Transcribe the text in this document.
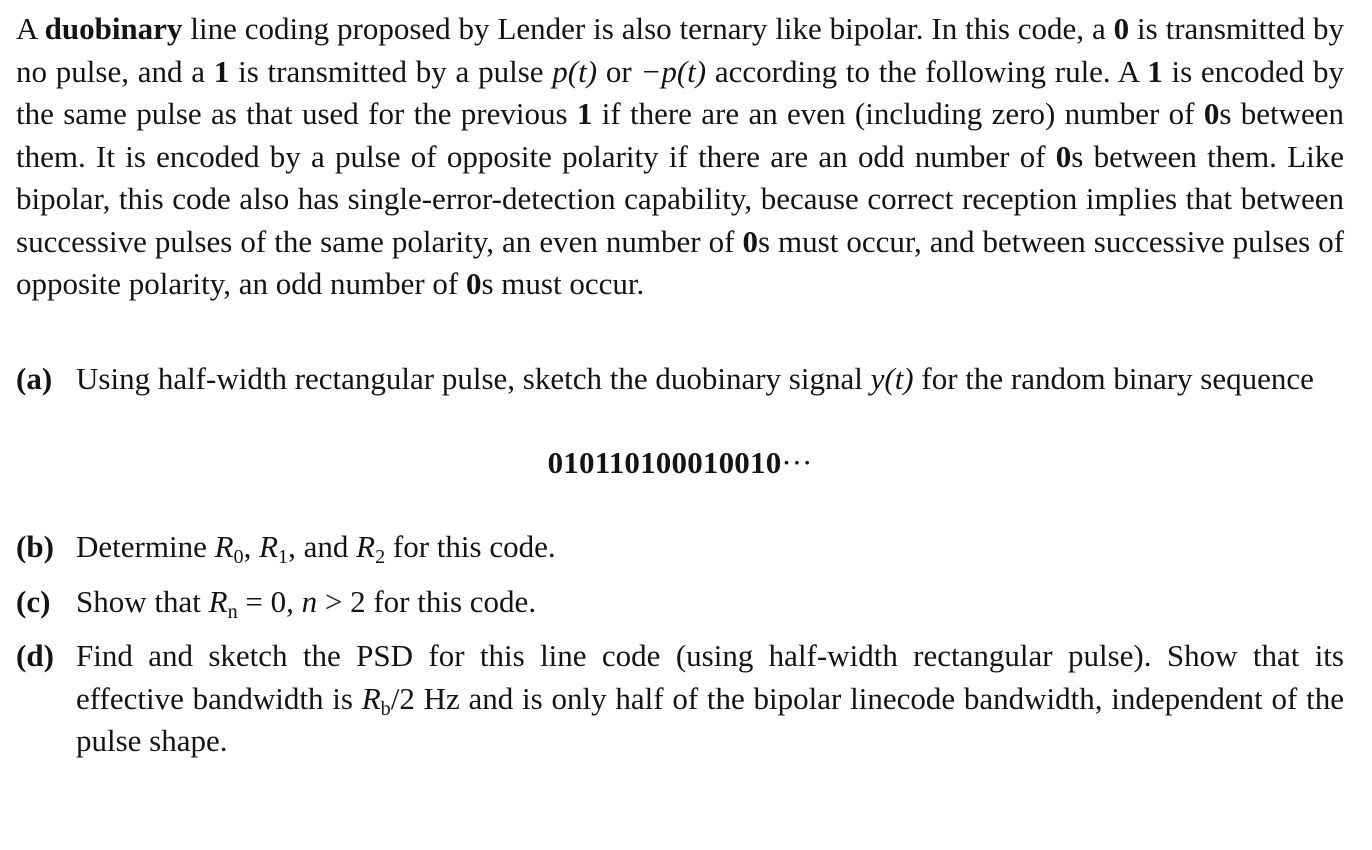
A duobinary line coding proposed by Lender is also ternary like bipolar. In this code, a 0 is transmitted by no pulse, and a 1 is transmitted by a pulse p(t) or −p(t) according to the following rule. A 1 is encoded by the same pulse as that used for the previous 1 if there are an even (including zero) number of 0s between them. It is encoded by a pulse of opposite polarity if there are an odd number of 0s between them. Like bipolar, this code also has single-error-detection capability, because correct reception implies that between successive pulses of the same polarity, an even number of 0s must occur, and between successive pulses of opposite polarity, an odd number of 0s must occur.

(a) Using half-width rectangular pulse, sketch the duobinary signal y(t) for the random binary sequence
010110100010010···
(b) Determine $R_0$, $R_1$, and $R_2$ for this code.
(c) Show that $R_n = 0$, n > 2 for this code.
(d) Find and sketch the PSD for this line code (using half-width rectangular pulse). Show that its effective bandwidth is $R_b/2$ Hz and is only half of the bipolar linecode bandwidth, independent of the pulse shape.
